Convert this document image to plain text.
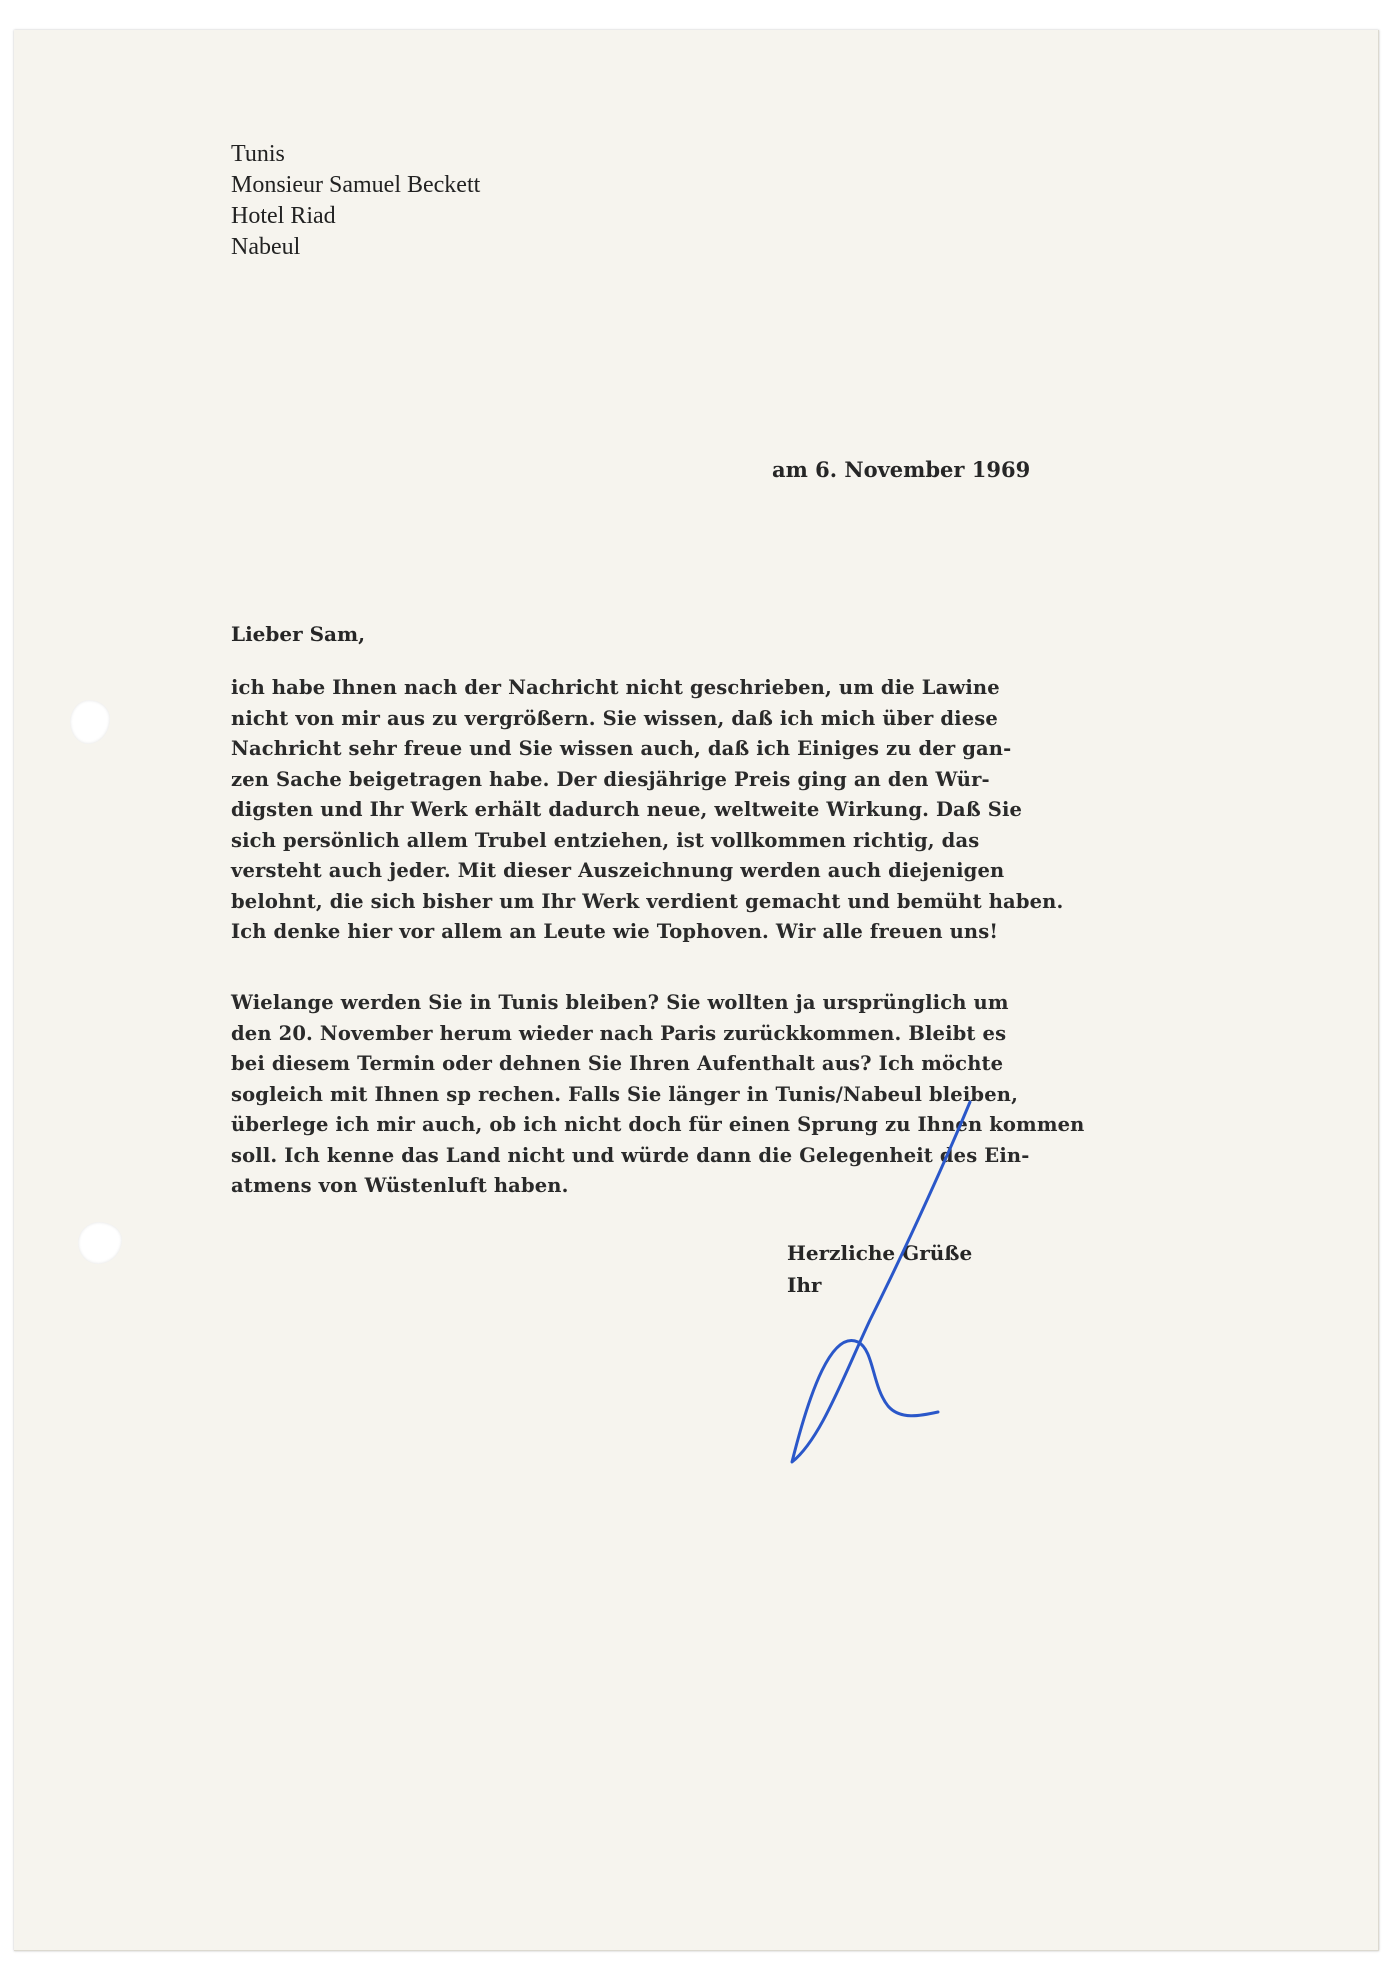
Tunis
Monsieur Samuel Beckett
Hotel Riad
Nabeul
am 6. November 1969
Lieber Sam,
ich habe Ihnen nach der Nachricht nicht geschrieben, um die Lawine
nicht von mir aus zu vergrößern. Sie wissen, daß ich mich über diese
Nachricht sehr freue und Sie wissen auch, daß ich Einiges zu der gan-
zen Sache beigetragen habe. Der diesjährige Preis ging an den Wür-
digsten und Ihr Werk erhält dadurch neue, weltweite Wirkung. Daß Sie
sich persönlich allem Trubel entziehen, ist vollkommen richtig, das
versteht auch jeder. Mit dieser Auszeichnung werden auch diejenigen
belohnt, die sich bisher um Ihr Werk verdient gemacht und bemüht haben.
Ich denke hier vor allem an Leute wie Tophoven. Wir alle freuen uns!
Wielange werden Sie in Tunis bleiben? Sie wollten ja ursprünglich um
den 20. November herum wieder nach Paris zurückkommen. Bleibt es
bei diesem Termin oder dehnen Sie Ihren Aufenthalt aus? Ich möchte
sogleich mit Ihnen sp rechen. Falls Sie länger in Tunis/Nabeul bleiben,
überlege ich mir auch, ob ich nicht doch für einen Sprung zu Ihnen kommen
soll. Ich kenne das Land nicht und würde dann die Gelegenheit des Ein-
atmens von Wüstenluft haben.
Herzliche Grüße
Ihr
